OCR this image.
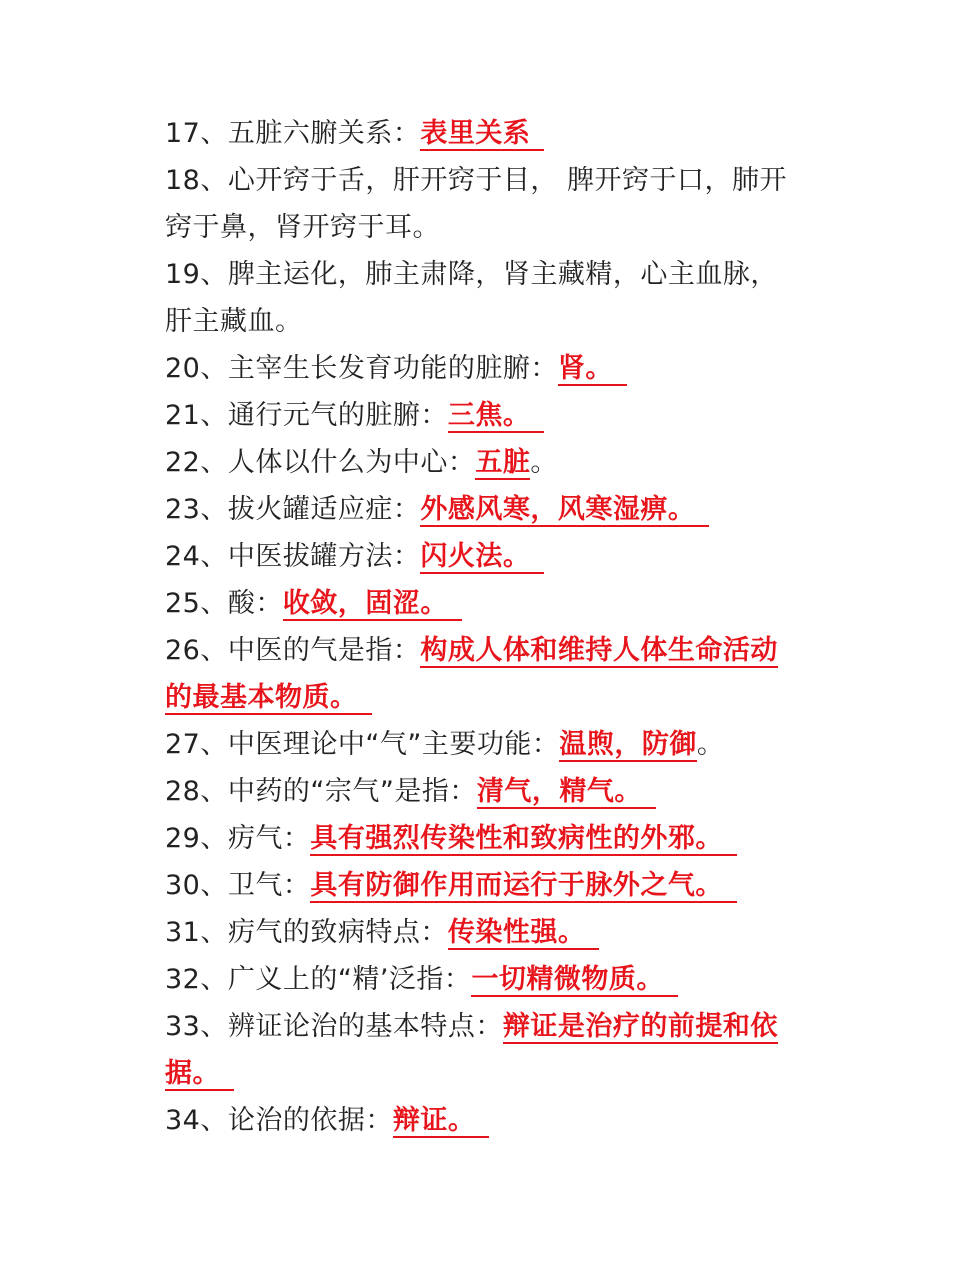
17、五脏六腑关系：表里关系

18、心开窍于舌，肝开窍于目， 脾开窍于口，肺开窍于鼻，肾开窍于耳。

19、脾主运化，肺主肃降，肾主藏精，心主血脉，肝主藏血。

20、主宰生长发育功能的脏腑：肾。

21、通行元气的脏腑：三焦。

22、人体以什么为中心：五脏。

23、拔火罐适应症：外感风寒，风寒湿痹。

24、中医拔罐方法：闪火法。

25、酸：收敛，固涩。

26、中医的气是指：构成人体和维持人体生命活动的最基本物质。

27、中医理论中“气”主要功能：温煦，防御。

28、中药的“宗气”是指：清气，精气。

29、疠气：具有强烈传染性和致病性的外邪。

30、卫气：具有防御作用而运行于脉外之气。

31、疠气的致病特点：传染性强。

32、广义上的“精’泛指：一切精微物质。

33、辨证论治的基本特点：辩证是治疗的前提和依据。

34、论治的依据：辩证。
